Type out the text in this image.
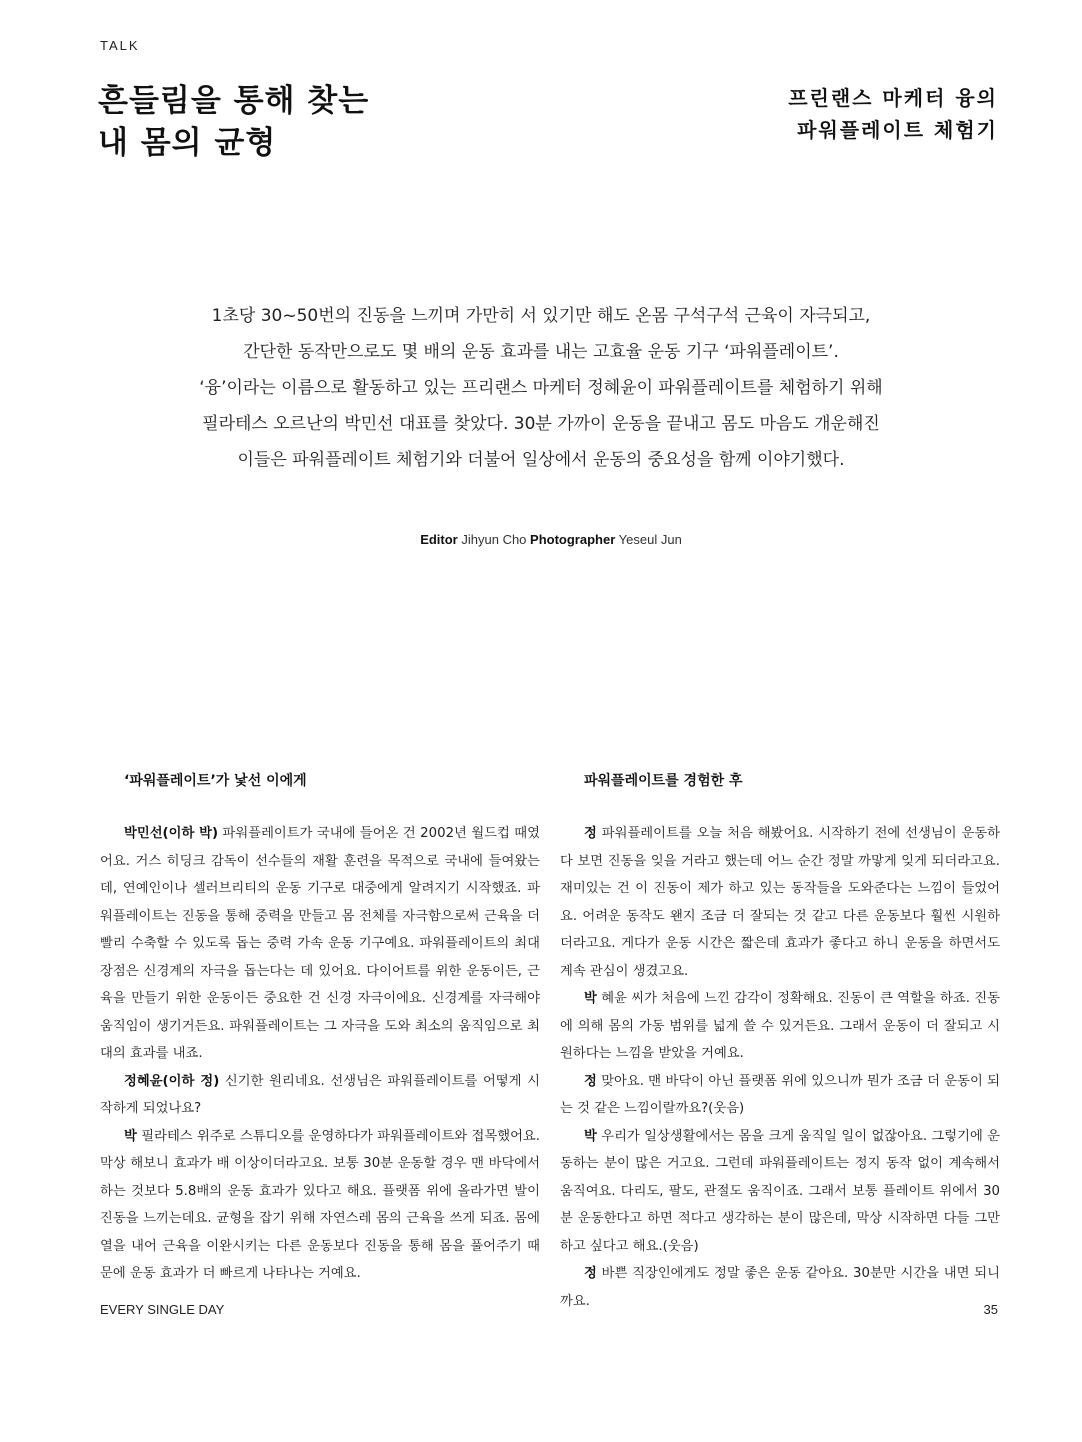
TALK
흔들림을 통해 찾는
내 몸의 균형
프린랜스 마케터 융의
파워플레이트 체험기
1초당 30~50번의 진동을 느끼며 가만히 서 있기만 해도 온몸 구석구석 근육이 자극되고,
간단한 동작만으로도 몇 배의 운동 효과를 내는 고효율 운동 기구 ‘파워플레이트’.
‘융’이라는 이름으로 활동하고 있는 프리랜스 마케터 정혜윤이 파워플레이트를 체험하기 위해
필라테스 오르난의 박민선 대표를 찾았다. 30분 가까이 운동을 끝내고 몸도 마음도 개운해진
이들은 파워플레이트 체험기와 더불어 일상에서 운동의 중요성을 함께 이야기했다.
Editor Jihyun Cho Photographer Yeseul Jun
‘파워플레이트’가 낯선 이에게

박민선(이하 박) 파워플레이트가 국내에 들어온 건 2002년 월드컵 때였어요. 거스 히딩크 감독이 선수들의 재활 훈련을 목적으로 국내에 들여왔는데, 연예인이나 셀러브리티의 운동 기구로 대중에게 알려지기 시작했죠. 파워플레이트는 진동을 통해 중력을 만들고 몸 전체를 자극함으로써 근육을 더 빨리 수축할 수 있도록 돕는 중력 가속 운동 기구예요. 파워플레이트의 최대 장점은 신경계의 자극을 돕는다는 데 있어요. 다이어트를 위한 운동이든, 근육을 만들기 위한 운동이든 중요한 건 신경 자극이에요. 신경계를 자극해야 움직임이 생기거든요. 파워플레이트는 그 자극을 도와 최소의 움직임으로 최대의 효과를 내죠.

정혜윤(이하 정) 신기한 원리네요. 선생님은 파워플레이트를 어떻게 시작하게 되었나요?

박 필라테스 위주로 스튜디오를 운영하다가 파워플레이트와 접목했어요. 막상 해보니 효과가 배 이상이더라고요. 보통 30분 운동할 경우 맨 바닥에서 하는 것보다 5.8배의 운동 효과가 있다고 해요. 플랫폼 위에 올라가면 발이 진동을 느끼는데요. 균형을 잡기 위해 자연스레 몸의 근육을 쓰게 되죠. 몸에 열을 내어 근육을 이완시키는 다른 운동보다 진동을 통해 몸을 풀어주기 때문에 운동 효과가 더 빠르게 나타나는 거예요.

파워플레이트를 경험한 후

정 파워플레이트를 오늘 처음 해봤어요. 시작하기 전에 선생님이 운동하다 보면 진동을 잊을 거라고 했는데 어느 순간 정말 까맣게 잊게 되더라고요. 재미있는 건 이 진동이 제가 하고 있는 동작들을 도와준다는 느낌이 들었어요. 어려운 동작도 왠지 조금 더 잘되는 것 같고 다른 운동보다 훨씬 시원하더라고요. 게다가 운동 시간은 짧은데 효과가 좋다고 하니 운동을 하면서도 계속 관심이 생겼고요.

박 혜윤 씨가 처음에 느낀 감각이 정확해요. 진동이 큰 역할을 하죠. 진동에 의해 몸의 가동 범위를 넓게 쓸 수 있거든요. 그래서 운동이 더 잘되고 시원하다는 느낌을 받았을 거예요.

정 맞아요. 맨 바닥이 아닌 플랫폼 위에 있으니까 뭔가 조금 더 운동이 되는 것 같은 느낌이랄까요?(웃음)

박 우리가 일상생활에서는 몸을 크게 움직일 일이 없잖아요. 그렇기에 운동하는 분이 많은 거고요. 그런데 파워플레이트는 정지 동작 없이 계속해서 움직여요. 다리도, 팔도, 관절도 움직이죠. 그래서 보통 플레이트 위에서 30분 운동한다고 하면 적다고 생각하는 분이 많은데, 막상 시작하면 다들 그만하고 싶다고 해요.(웃음)

정 바쁜 직장인에게도 정말 좋은 운동 같아요. 30분만 시간을 내면 되니까요.

EVERY SINGLE DAY	35
